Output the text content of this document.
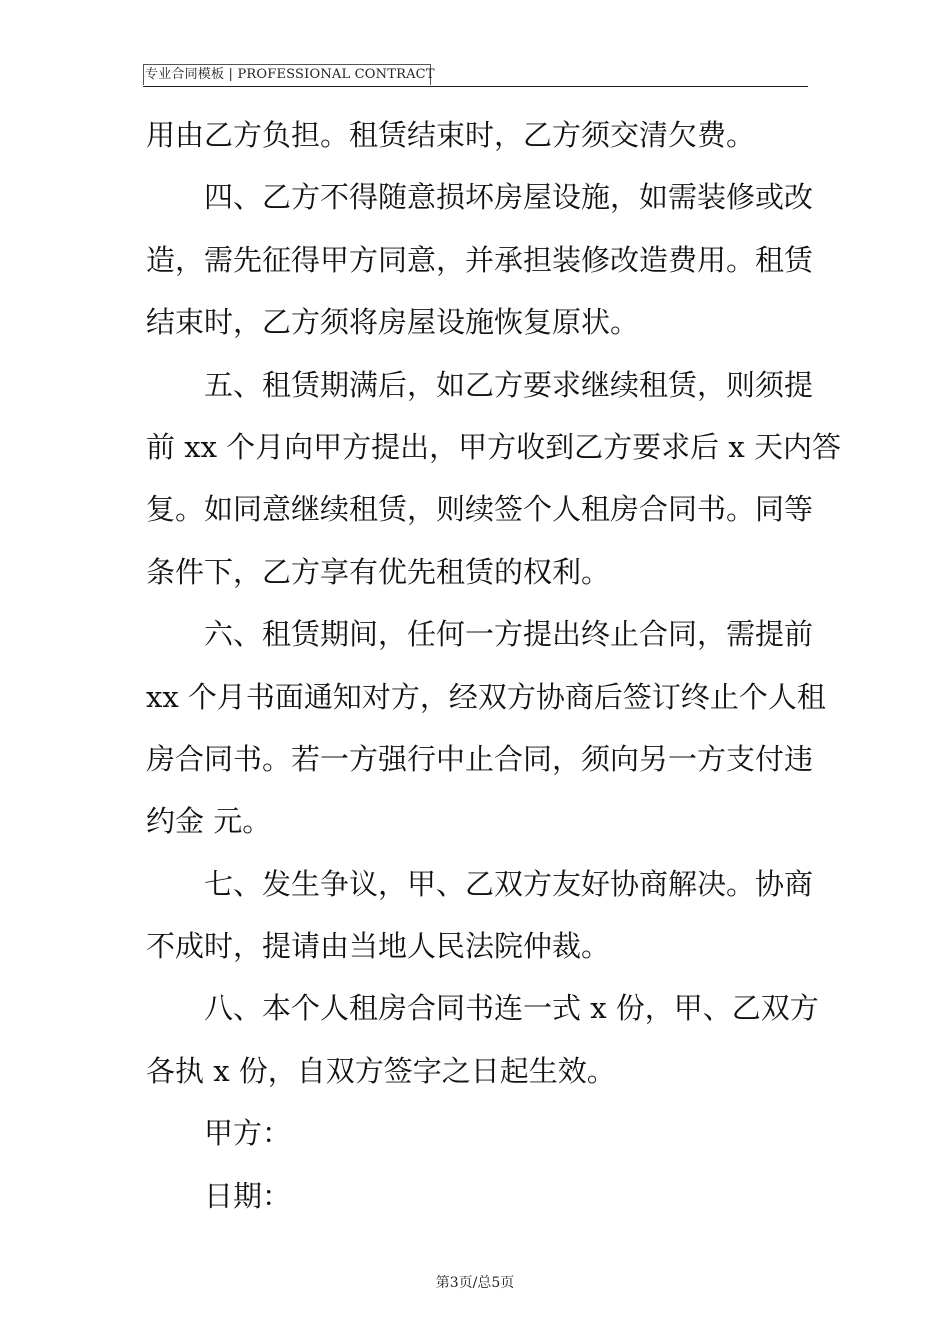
专业合同模板 | PROFESSIONAL CONTRACT
用由乙方负担。租赁结束时，乙方须交清欠费。
四、乙方不得随意损坏房屋设施，如需装修或改
造，需先征得甲方同意，并承担装修改造费用。租赁
结束时，乙方须将房屋设施恢复原状。
五、租赁期满后，如乙方要求继续租赁，则须提
前 xx 个月向甲方提出，甲方收到乙方要求后 x 天内答
复。如同意继续租赁，则续签个人租房合同书。同等
条件下，乙方享有优先租赁的权利。
六、租赁期间，任何一方提出终止合同，需提前
xx 个月书面通知对方，经双方协商后签订终止个人租
房合同书。若一方强行中止合同，须向另一方支付违
约金 元。
七、发生争议，甲、乙双方友好协商解决。协商
不成时，提请由当地人民法院仲裁。
八、本个人租房合同书连一式 x 份，甲、乙双方
各执 x 份，自双方签字之日起生效。
甲方：
日期：
第3页/总5页
